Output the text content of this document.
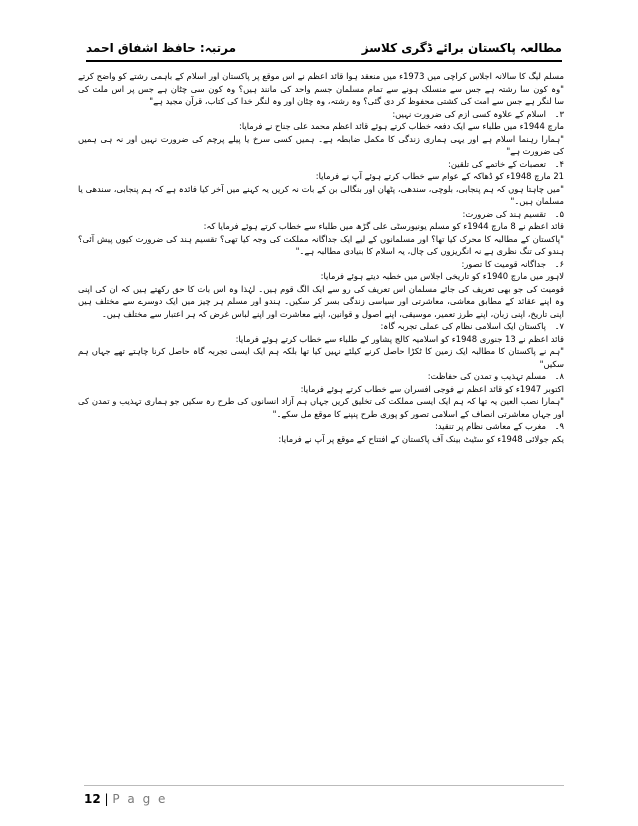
مطالعہ پاکستان برائے ڈگری کلاسز
مرتبہ: حافظ اشفاق احمد
مسلم لیگ کا سالانہ اجلاس کراچی میں 1973ء میں منعقد ہوا قائد اعظم نے اس موقع پر پاکستان اور اسلام کے باہمی رشتے کو واضح کرتے
"وہ کون سا رشتہ ہے جس سے منسلک ہونے سے تمام مسلمان جسم واحد کی مانند ہیں؟ وہ کون سی چٹان ہے جس پر اس ملت کی
سا لنگر ہے جس سے امت کی کشتی محفوظ کر دی گئی؟ وہ رشتہ، وہ چٹان اور وہ لنگر خدا کی کتاب، قرآن مجید ہے"
۳۔
اسلام کے علاوہ کسی ازم کی ضرورت نہیں:
مارچ 1944ء میں طلباء سے ایک دفعہ خطاب کرتے ہوئے قائد اعظم محمد علی جناح نے فرمایا:
"ہمارا رہنما اسلام ہے اور یہی ہماری زندگی کا مکمل ضابطہ ہے۔ ہمیں کسی سرخ یا پیلے پرچم کی ضرورت نہیں اور نہ ہی ہمیں
کی ضرورت ہے"
۴۔
تعصبات کے خاتمے کی تلقین:
21 مارچ 1948ء کو ڈھاکہ کے عوام سے خطاب کرتے ہوئے آپ نے فرمایا:
"میں چاہتا ہوں کہ ہم پنجابی، بلوچی، سندھی، پٹھان اور بنگالی بن کے بات نہ کریں یہ کہنے میں آخر کیا فائدہ ہے کہ ہم پنجابی، سندھی یا
مسلمان ہیں۔"
۵۔
تقسیم ہند کی ضرورت:
قائد اعظم نے 8 مارچ 1944ء کو مسلم یونیورسٹی علی گڑھ میں طلباء سے خطاب کرتے ہوئے فرمایا کہ:
"پاکستان کے مطالبہ کا محرک کیا تھا؟ اور مسلمانوں کے لیے ایک جداگانہ مملکت کی وجہ کیا تھی؟ تقسیم ہند کی ضرورت کیوں پیش آئی؟
ہندو کی تنگ نظری ہے نہ انگریزوں کی چال، یہ اسلام کا بنیادی مطالبہ ہے۔"
۶۔
جداگانہ قومیت کا تصور:
لاہور میں مارچ 1940ء کو تاریخی اجلاس میں خطبہ دیتے ہوئے فرمایا:
قومیت کی جو بھی تعریف کی جائے مسلمان اس تعریف کی رو سے ایک الگ قوم ہیں۔ لہٰذا وہ اس بات کا حق رکھتے ہیں کہ ان کی اپنی
وہ اپنے عقائد کے مطابق معاشی، معاشرتی اور سیاسی زندگی بسر کر سکیں۔ ہندو اور مسلم ہر چیز میں ایک دوسرے سے مختلف ہیں
اپنی تاریخ، اپنی زبان، اپنے طرز تعمیر، موسیقی، اپنے اصول و قوانین، اپنے معاشرت اور اپنے لباس غرض کہ ہر اعتبار سے مختلف ہیں۔
۷۔
پاکستان ایک اسلامی نظام کی عملی تجربہ گاہ:
قائد اعظم نے 13 جنوری 1948ء کو اسلامیہ کالج پشاور کے طلباء سے خطاب کرتے ہوئے فرمایا:
"ہم نے پاکستان کا مطالبہ ایک زمین کا ٹکڑا حاصل کرنے کیلئے نہیں کیا تھا بلکہ ہم ایک ایسی تجربہ گاہ حاصل کرنا چاہتے تھے جہاں ہم
سکیں"
۸۔
مسلم تہذیب و تمدن کی حفاظت:
اکتوبر 1947ء کو قائد اعظم نے فوجی افسران سے خطاب کرتے ہوئے فرمایا:
"ہمارا نصب العین یہ تھا کہ ہم ایک ایسی مملکت کی تخلیق کریں جہاں ہم آزاد انسانوں کی طرح رہ سکیں جو ہماری تہذیب و تمدن کی
اور جہاں معاشرتی انصاف کے اسلامی تصور کو پوری طرح پنپنے کا موقع مل سکے۔"
۹۔
مغرب کے معاشی نظام پر تنقید:
یکم جولائی 1948ء کو سٹیٹ بینک آف پاکستان کے افتتاح کے موقع پر آپ نے فرمایا:
12 | P a g e
